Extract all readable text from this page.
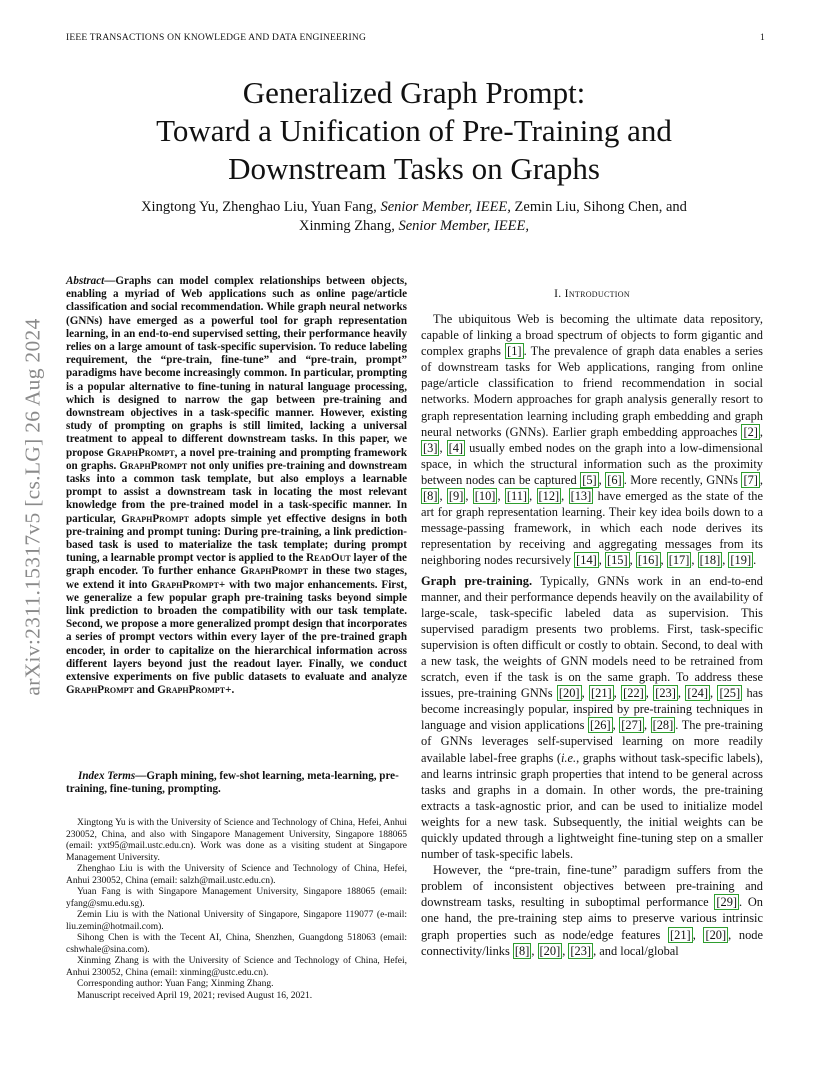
IEEE TRANSACTIONS ON KNOWLEDGE AND DATA ENGINEERING	1
Generalized Graph Prompt:
Toward a Unification of Pre-Training and
Downstream Tasks on Graphs
Xingtong Yu, Zhenghao Liu, Yuan Fang, Senior Member, IEEE, Zemin Liu, Sihong Chen, and
Xinming Zhang, Senior Member, IEEE,
arXiv:2311.15317v5 [cs.LG] 26 Aug 2024
Abstract—Graphs can model complex relationships between objects, enabling a myriad of Web applications such as online page/article classification and social recommendation. While graph neural networks (GNNs) have emerged as a powerful tool for graph representation learning, in an end-to-end supervised setting, their performance heavily relies on a large amount of task-specific supervision. To reduce labeling requirement, the “pre-train, fine-tune” and “pre-train, prompt” paradigms have become increasingly common. In particular, prompting is a popular alternative to fine-tuning in natural language processing, which is designed to narrow the gap between pre-training and downstream objectives in a task-specific manner. However, existing study of prompting on graphs is still limited, lacking a universal treatment to appeal to different downstream tasks. In this paper, we propose GraphPrompt, a novel pre-training and prompting framework on graphs. GraphPrompt not only unifies pre-training and downstream tasks into a common task template, but also employs a learnable prompt to assist a downstream task in locating the most relevant knowledge from the pre-trained model in a task-specific manner. In particular, GraphPrompt adopts simple yet effective designs in both pre-training and prompt tuning: During pre-training, a link prediction-based task is used to materialize the task template; during prompt tuning, a learnable prompt vector is applied to the ReadOut layer of the graph encoder. To further enhance GraphPrompt in these two stages, we extend it into GraphPrompt+ with two major enhancements. First, we generalize a few popular graph pre-training tasks beyond simple link prediction to broaden the compatibility with our task template. Second, we propose a more generalized prompt design that incorporates a series of prompt vectors within every layer of the pre-trained graph encoder, in order to capitalize on the hierarchical information across different layers beyond just the readout layer. Finally, we conduct extensive experiments on five public datasets to evaluate and analyze GraphPrompt and GraphPrompt+.
Index Terms—Graph mining, few-shot learning, meta-learning, pre-training, fine-tuning, prompting.

Xingtong Yu is with the University of Science and Technology of China, Hefei, Anhui 230052, China, and also with Singapore Management University, Singapore 188065 (email: yxt95@mail.ustc.edu.cn). Work was done as a visiting student at Singapore Management University.

Zhenghao Liu is with the University of Science and Technology of China, Hefei, Anhui 230052, China (email: salzh@mail.ustc.edu.cn).

Yuan Fang is with Singapore Management University, Singapore 188065 (email: yfang@smu.edu.sg).

Zemin Liu is with the National University of Singapore, Singapore 119077 (e-mail: liu.zemin@hotmail.com).

Sihong Chen is with the Tecent AI, China, Shenzhen, Guangdong 518063 (email: cshwhale@sina.com).

Xinming Zhang is with the University of Science and Technology of China, Hefei, Anhui 230052, China (email: xinming@ustc.edu.cn).

Corresponding author: Yuan Fang; Xinming Zhang.

Manuscript received April 19, 2021; revised August 16, 2021.

I. Introduction

The ubiquitous Web is becoming the ultimate data repository, capable of linking a broad spectrum of objects to form gigantic and complex graphs [1] . The prevalence of graph data enables a series of downstream tasks for Web applications, ranging from online page/article classification to friend recommendation in social networks. Modern approaches for graph analysis generally resort to graph representation learning including graph embedding and graph neural networks (GNNs). Earlier graph embedding approaches [2] , [3] , [4] usually embed nodes on the graph into a low-dimensional space, in which the structural information such as the proximity between nodes can be captured [5] , [6] . More recently, GNNs [7] , [8] , [9] , [10] , [11] , [12] , [13] have emerged as the state of the art for graph representation learning. Their key idea boils down to a message-passing framework, in which each node derives its representation by receiving and aggregating messages from its neighboring nodes recursively [14] , [15] , [16] , [17] , [18] , [19] .

Graph pre-training. Typically, GNNs work in an end-to-end manner, and their performance depends heavily on the availability of large-scale, task-specific labeled data as supervision. This supervised paradigm presents two problems. First, task-specific supervision is often difficult or costly to obtain. Second, to deal with a new task, the weights of GNN models need to be retrained from scratch, even if the task is on the same graph. To address these issues, pre-training GNNs [20] , [21] , [22] , [23] , [24] , [25] has become increasingly popular, inspired by pre-training techniques in language and vision applications [26] , [27] , [28] . The pre-training of GNNs leverages self-supervised learning on more readily available label-free graphs (i.e., graphs without task-specific labels), and learns intrinsic graph properties that intend to be general across tasks and graphs in a domain. In other words, the pre-training extracts a task-agnostic prior, and can be used to initialize model weights for a new task. Subsequently, the initial weights can be quickly updated through a lightweight fine-tuning step on a smaller number of task-specific labels.

However, the “pre-train, fine-tune” paradigm suffers from the problem of inconsistent objectives between pre-training and downstream tasks, resulting in suboptimal performance [29] . On one hand, the pre-training step aims to preserve various intrinsic graph properties such as node/edge features [21] , [20] , node connectivity/links [8] , [20] , [23] , and local/global
